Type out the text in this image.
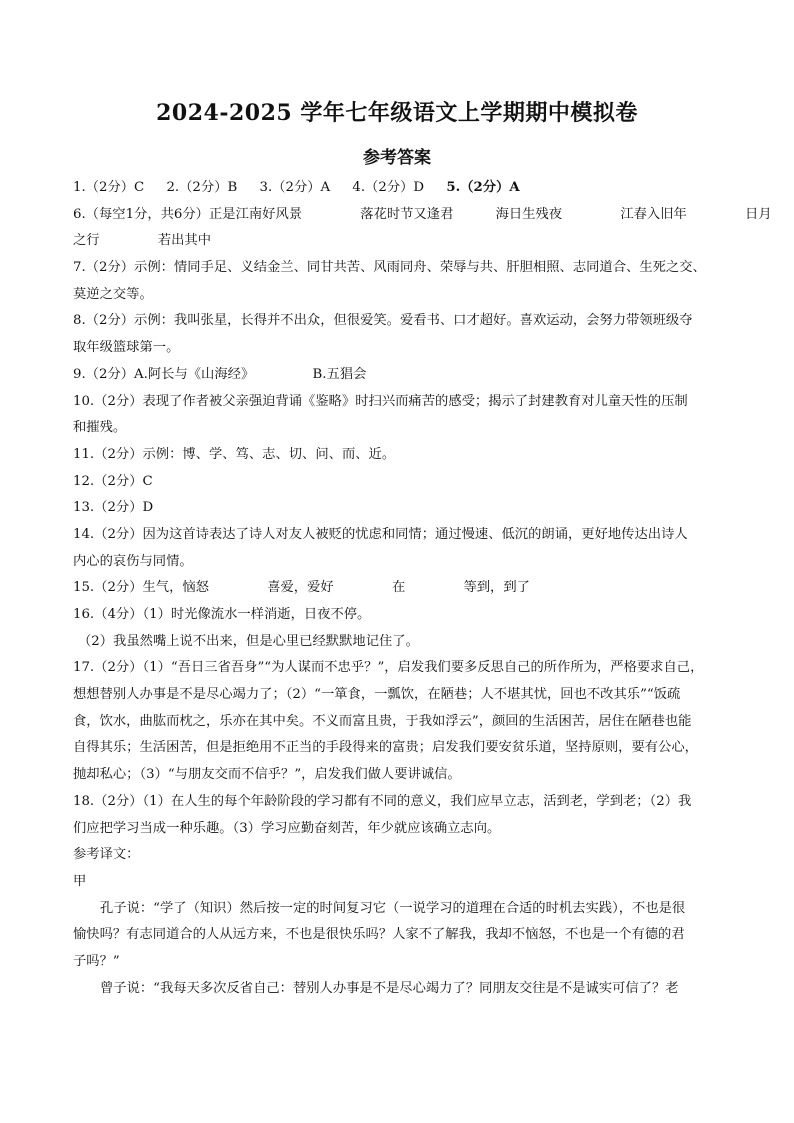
2024-2025 学年七年级语文上学期期中模拟卷
参考答案
1.（2分）C 2.（2分）B 3.（2分）A 4.（2分）D 5.（2分）A
6.（每空1分，共6分）正是江南好风景	落花时节又逢君	海日生残夜	江春入旧年	日月
之行	若出其中
7.（2分）示例：情同手足、义结金兰、同甘共苦、风雨同舟、荣辱与共、肝胆相照、志同道合、生死之交、
莫逆之交等。
8.（2分）示例：我叫张星，长得并不出众，但很爱笑。爱看书、口才超好。喜欢运动，会努力带领班级夺
取年级篮球第一。
9.（2分）A.阿长与《山海经》	B.五猖会
10.（2分）表现了作者被父亲强迫背诵《鉴略》时扫兴而痛苦的感受；揭示了封建教育对儿童天性的压制
和摧残。
11.（2分）示例：博、学、笃、志、切、问、而、近。
12.（2分）C
13.（2分）D
14.（2分）因为这首诗表达了诗人对友人被贬的忧虑和同情；通过慢速、低沉的朗诵，更好地传达出诗人
内心的哀伤与同情。
15.（2分）生气，恼怒	喜爱，爱好	在	等到，到了
16.（4分）（1）时光像流水一样消逝，日夜不停。
（2）我虽然嘴上说不出来，但是心里已经默默地记住了。
17.（2分）（1）“吾日三省吾身”“为人谋而不忠乎？”，启发我们要多反思自己的所作所为，严格要求自己，
想想替别人办事是不是尽心竭力了；（2）“一箪食，一瓢饮，在陋巷；人不堪其忧，回也不改其乐”“饭疏
食，饮水，曲肱而枕之，乐亦在其中矣。不义而富且贵，于我如浮云”，颜回的生活困苦，居住在陋巷也能
自得其乐；生活困苦，但是拒绝用不正当的手段得来的富贵；启发我们要安贫乐道，坚持原则，要有公心，
抛却私心；（3）“与朋友交而不信乎？”，启发我们做人要讲诚信。
18.（2分）（1）在人生的每个年龄阶段的学习都有不同的意义，我们应早立志，活到老，学到老；（2）我
们应把学习当成一种乐趣。（3）学习应勤奋刻苦，年少就应该确立志向。
参考译文：
甲
孔子说：“学了（知识）然后按一定的时间复习它（一说学习的道理在合适的时机去实践），不也是很
愉快吗？有志同道合的人从远方来，不也是很快乐吗？人家不了解我，我却不恼怒，不也是一个有德的君
子吗？”
曾子说：“我每天多次反省自己：替别人办事是不是尽心竭力了？同朋友交往是不是诚实可信了？老
